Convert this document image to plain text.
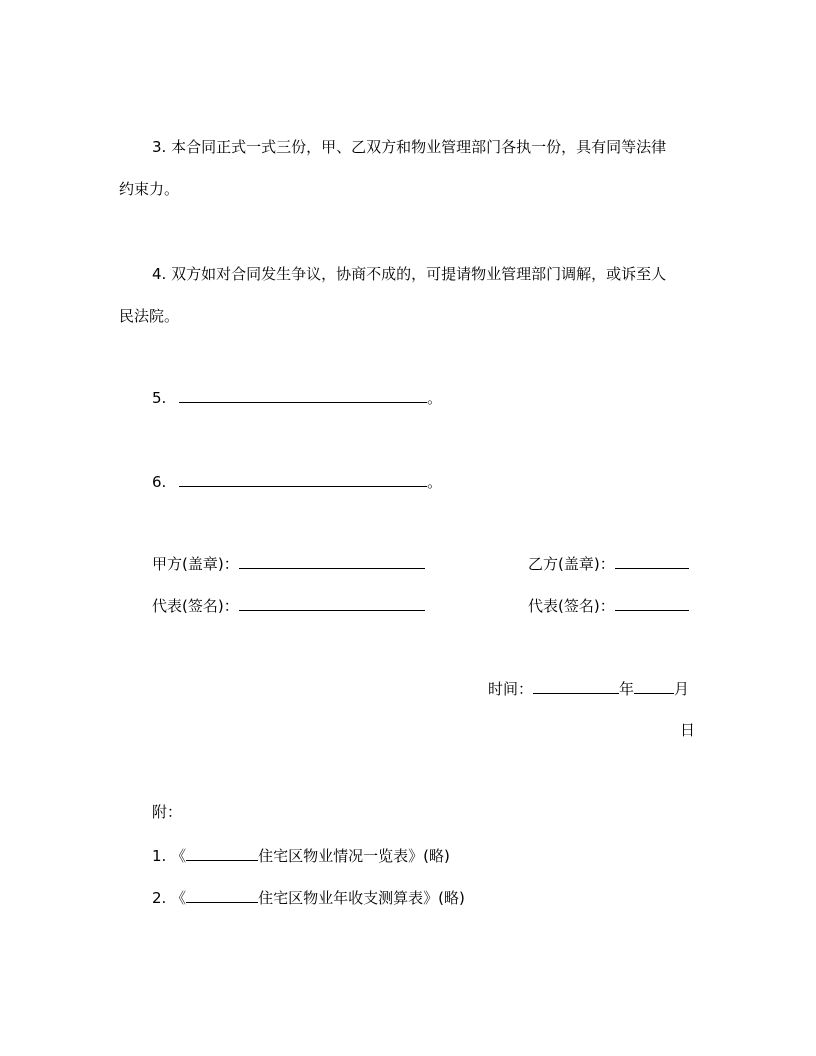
3. 本合同正式一式三份，甲、乙双方和物业管理部门各执一份，具有同等法律
约束力。
4. 双方如对合同发生争议，协商不成的，可提请物业管理部门调解，或诉至人
民法院。
5.	。
6.	。
甲方(盖章)：	乙方(盖章)：
代表(签名)：	代表(签名)：
时间：	年	月
日
附：
1. 《	住宅区物业情况一览表》(略)
2. 《	住宅区物业年收支测算表》(略)
